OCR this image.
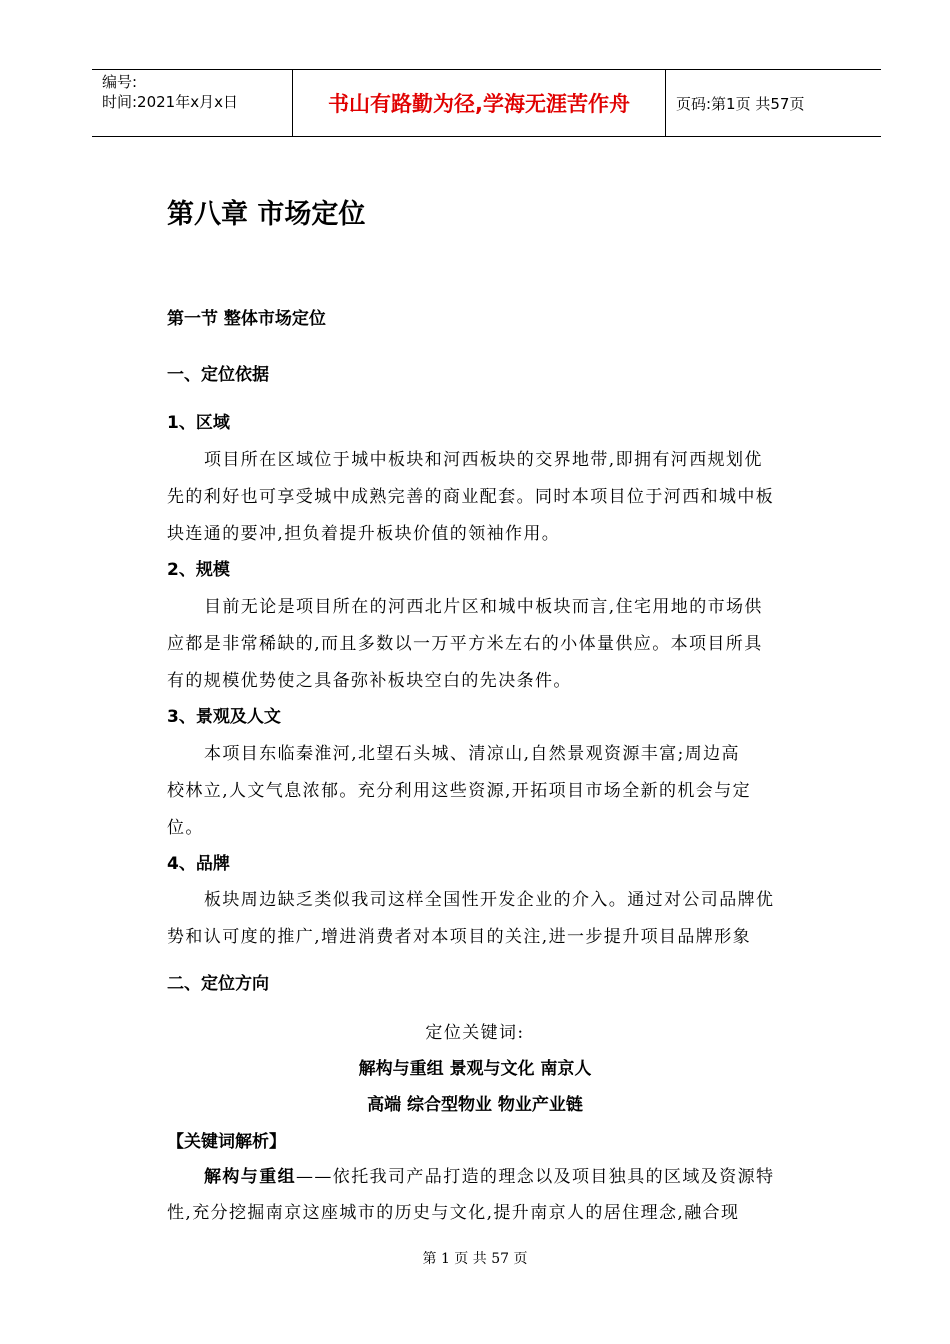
编号:
时间:2021年x月x日	书山有路勤为径,学海无涯苦作舟	页码:第1页 共57页
第八章 市场定位
第一节 整体市场定位
一、定位依据
1、区域
项目所在区域位于城中板块和河西板块的交界地带,即拥有河西规划优
先的利好也可享受城中成熟完善的商业配套。同时本项目位于河西和城中板
块连通的要冲,担负着提升板块价值的领袖作用。
2、规模
目前无论是项目所在的河西北片区和城中板块而言,住宅用地的市场供
应都是非常稀缺的,而且多数以一万平方米左右的小体量供应。本项目所具
有的规模优势使之具备弥补板块空白的先决条件。
3、景观及人文
本项目东临秦淮河,北望石头城、清凉山,自然景观资源丰富;周边高
校林立,人文气息浓郁。充分利用这些资源,开拓项目市场全新的机会与定
位。
4、品牌
板块周边缺乏类似我司这样全国性开发企业的介入。通过对公司品牌优
势和认可度的推广,增进消费者对本项目的关注,进一步提升项目品牌形象
二、定位方向
定位关键词:
解构与重组 景观与文化 南京人
高端 综合型物业 物业产业链
【关键词解析】
解构与重组——依托我司产品打造的理念以及项目独具的区域及资源特
性,充分挖掘南京这座城市的历史与文化,提升南京人的居住理念,融合现
第 1 页 共 57 页
